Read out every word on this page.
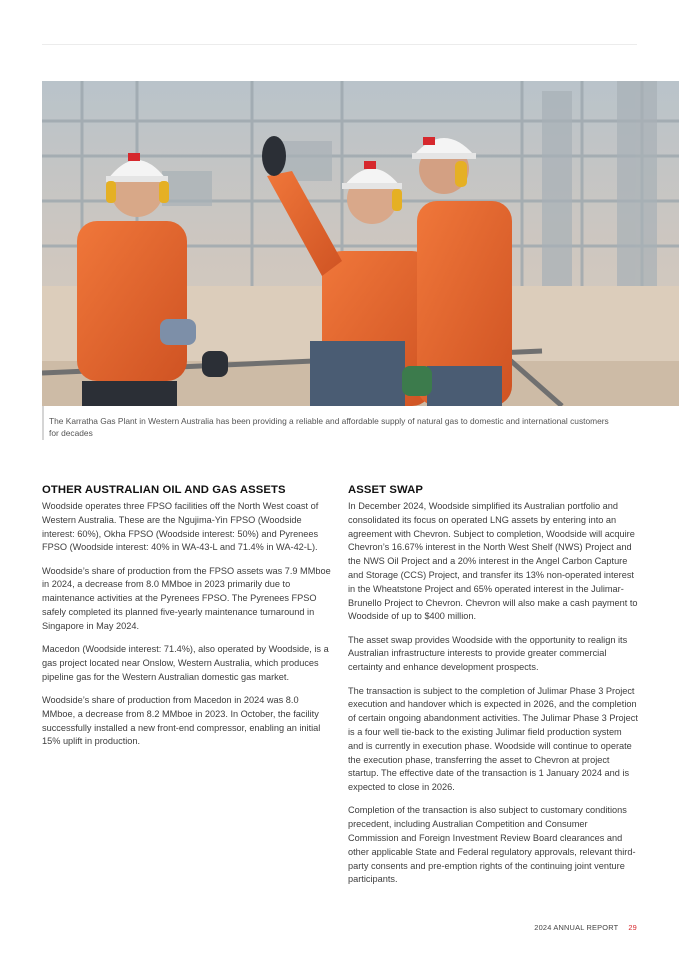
The Karratha Gas Plant in Western Australia has been providing a reliable and affordable supply of natural gas to domestic and international customers for decades

OTHER AUSTRALIAN OIL AND GAS ASSETS

Woodside operates three FPSO facilities off the North West coast of Western Australia. These are the Ngujima-Yin FPSO (Woodside interest: 60%), Okha FPSO (Woodside interest: 50%) and Pyrenees FPSO (Woodside interest: 40% in WA-43-L and 71.4% in WA-42-L).

Woodside’s share of production from the FPSO assets was 7.9 MMboe in 2024, a decrease from 8.0 MMboe in 2023 primarily due to maintenance activities at the Pyrenees FPSO. The Pyrenees FPSO safely completed its planned five-yearly maintenance turnaround in Singapore in May 2024.

Macedon (Woodside interest: 71.4%), also operated by Woodside, is a gas project located near Onslow, Western Australia, which produces pipeline gas for the Western Australian domestic gas market.

Woodside’s share of production from Macedon in 2024 was 8.0 MMboe, a decrease from 8.2 MMboe in 2023. In October, the facility successfully installed a new front-end compressor, enabling an initial 15% uplift in production.

ASSET SWAP

In December 2024, Woodside simplified its Australian portfolio and consolidated its focus on operated LNG assets by entering into an agreement with Chevron. Subject to completion, Woodside will acquire Chevron’s 16.67% interest in the North West Shelf (NWS) Project and the NWS Oil Project and a 20% interest in the Angel Carbon Capture and Storage (CCS) Project, and transfer its 13% non-operated interest in the Wheatstone Project and 65% operated interest in the Julimar-Brunello Project to Chevron. Chevron will also make a cash payment to Woodside of up to $400 million.

The asset swap provides Woodside with the opportunity to realign its Australian infrastructure interests to provide greater commercial certainty and enhance development prospects.

The transaction is subject to the completion of Julimar Phase 3 Project execution and handover which is expected in 2026, and the completion of certain ongoing abandonment activities. The Julimar Phase 3 Project is a four well tie-back to the existing Julimar field production system and is currently in execution phase. Woodside will continue to operate the execution phase, transferring the asset to Chevron at project startup. The effective date of the transaction is 1 January 2024 and is expected to close in 2026.

Completion of the transaction is also subject to customary conditions precedent, including Australian Competition and Consumer Commission and Foreign Investment Review Board clearances and other applicable State and Federal regulatory approvals, relevant third-party consents and pre-emption rights of the continuing joint venture participants.

2024 ANNUAL REPORT 29
